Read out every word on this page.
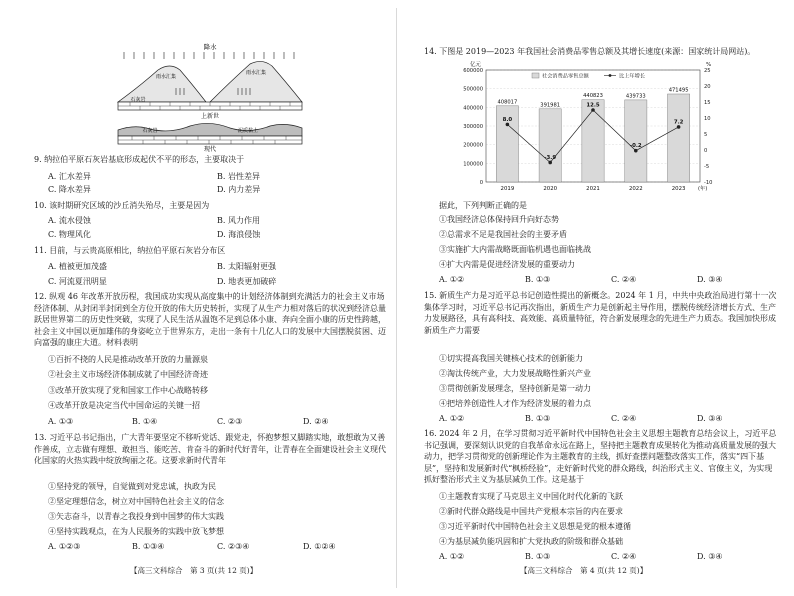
降水
雨水汇集
雨水汇集
石灰岩
上新世
石灰岩	泥质黏土
现代
9. 纳拉伯平原石灰岩基底形成起伏不平的形态，主要取决于
A. 汇水差异	B. 岩性差异
C. 降水差异	D. 内力差异
10. 该时期研究区域的沙丘消失殆尽，主要是因为
A. 流水侵蚀	B. 风力作用
C. 物理风化	D. 海浪侵蚀
11. 目前，与云贵高原相比，纳拉伯平原石灰岩分布区
A. 植被更加茂盛	B. 太阳辐射更强
C. 河流夏汛明显	D. 地表更加破碎
12. 纵观 46 年改革开放历程，我国成功实现从高度集中的计划经济体制到充满活力的社会主义市场经济体制、从封闭半封闭到全方位开放的伟大历史转折，实现了从生产力相对落后的状况到经济总量跃居世界第二的历史性突破，实现了人民生活从温饱不足到总体小康、奔向全面小康的历史性跨越，社会主义中国以更加雄伟的身姿屹立于世界东方，走出一条有十几亿人口的发展中大国摆脱贫困、迈向富强的康庄大道。材料表明
①百折不挠的人民是推动改革开放的力量源泉
②社会主义市场经济体制成就了中国经济奇迹
③改革开放实现了党和国家工作中心战略转移
④改革开放是决定当代中国命运的关键一招
A. ①③	B. ①④	C. ②③	D. ②④
13. 习近平总书记指出，广大青年要坚定不移听党话、跟党走，怀抱梦想又脚踏实地，敢想敢为又善作善成，立志做有理想、敢担当、能吃苦、肯奋斗的新时代好青年，让青春在全面建设社会主义现代化国家的火热实践中绽放绚丽之花。这要求新时代青年
①坚持党的领导，自觉做到对党忠诚，执政为民
②坚定理想信念，树立对中国特色社会主义的信念
③矢志奋斗，以青春之我投身到中国梦的伟大实践
④坚持实践观点，在为人民服务的实践中放飞梦想
A. ①②③	B. ①③④	C. ②③④	D. ①②④
【高三文科综合　第 3 页(共 12 页)】
14. 下图是 2019—2023 年我国社会消费品零售总额及其增长速度(来源：国家统计局网站)。
0
100000
200000
300000
400000
500000
600000
-10
-5
0
5
10
15
20
25
亿元	%
社会消费品零售总额	比上年增长
408017
2019
391981
2020
440823
2021
439733
2022
471495
2023 (年)
8.0
-3.9
12.5
-0.2
7.2
据此，下列判断正确的是
①我国经济总体保持回升向好态势
②总需求不足是我国社会的主要矛盾
③实施扩大内需战略既面临机遇也面临挑战
④扩大内需是促进经济发展的重要动力
A. ①②	B. ①③	C. ②④	D. ③④
15. 新质生产力是习近平总书记创造性提出的新概念。2024 年 1 月，中共中央政治局进行第十一次集体学习时，习近平总书记再次指出，新质生产力是创新起主导作用，摆脱传统经济增长方式、生产力发展路径，具有高科技、高效能、高质量特征，符合新发展理念的先进生产力质态。我国加快形成新质生产力需要
①切实提高我国关键核心技术的创新能力
②淘汰传统产业，大力发展战略性新兴产业
③贯彻创新发展理念，坚持创新是第一动力
④把培养创造性人才作为经济发展的着力点
A. ①②	B. ①③	C. ②④	D. ③④
16. 2024 年 2 月，在学习贯彻习近平新时代中国特色社会主义思想主题教育总结会议上，习近平总书记强调，要深刻认识党的自我革命永远在路上，坚持把主题教育成果转化为推动高质量发展的强大动力，把学习贯彻党的创新理论作为主题教育的主线，抓好查摆问题整改落实工作，落实“四下基层”，坚持和发展新时代“枫桥经验”，走好新时代党的群众路线，纠治形式主义、官僚主义，为实现抓好整治形式主义为基层减负工作。这是基于
①主题教育实现了马克思主义中国化时代化新的飞跃
②新时代群众路线是中国共产党根本宗旨的内在要求
③习近平新时代中国特色社会主义思想是党的根本遵循
④为基层减负能巩固和扩大党执政的阶级和群众基础
A. ①②	B. ①③	C. ②④	D. ③④
【高三文科综合　第 4 页(共 12 页)】
